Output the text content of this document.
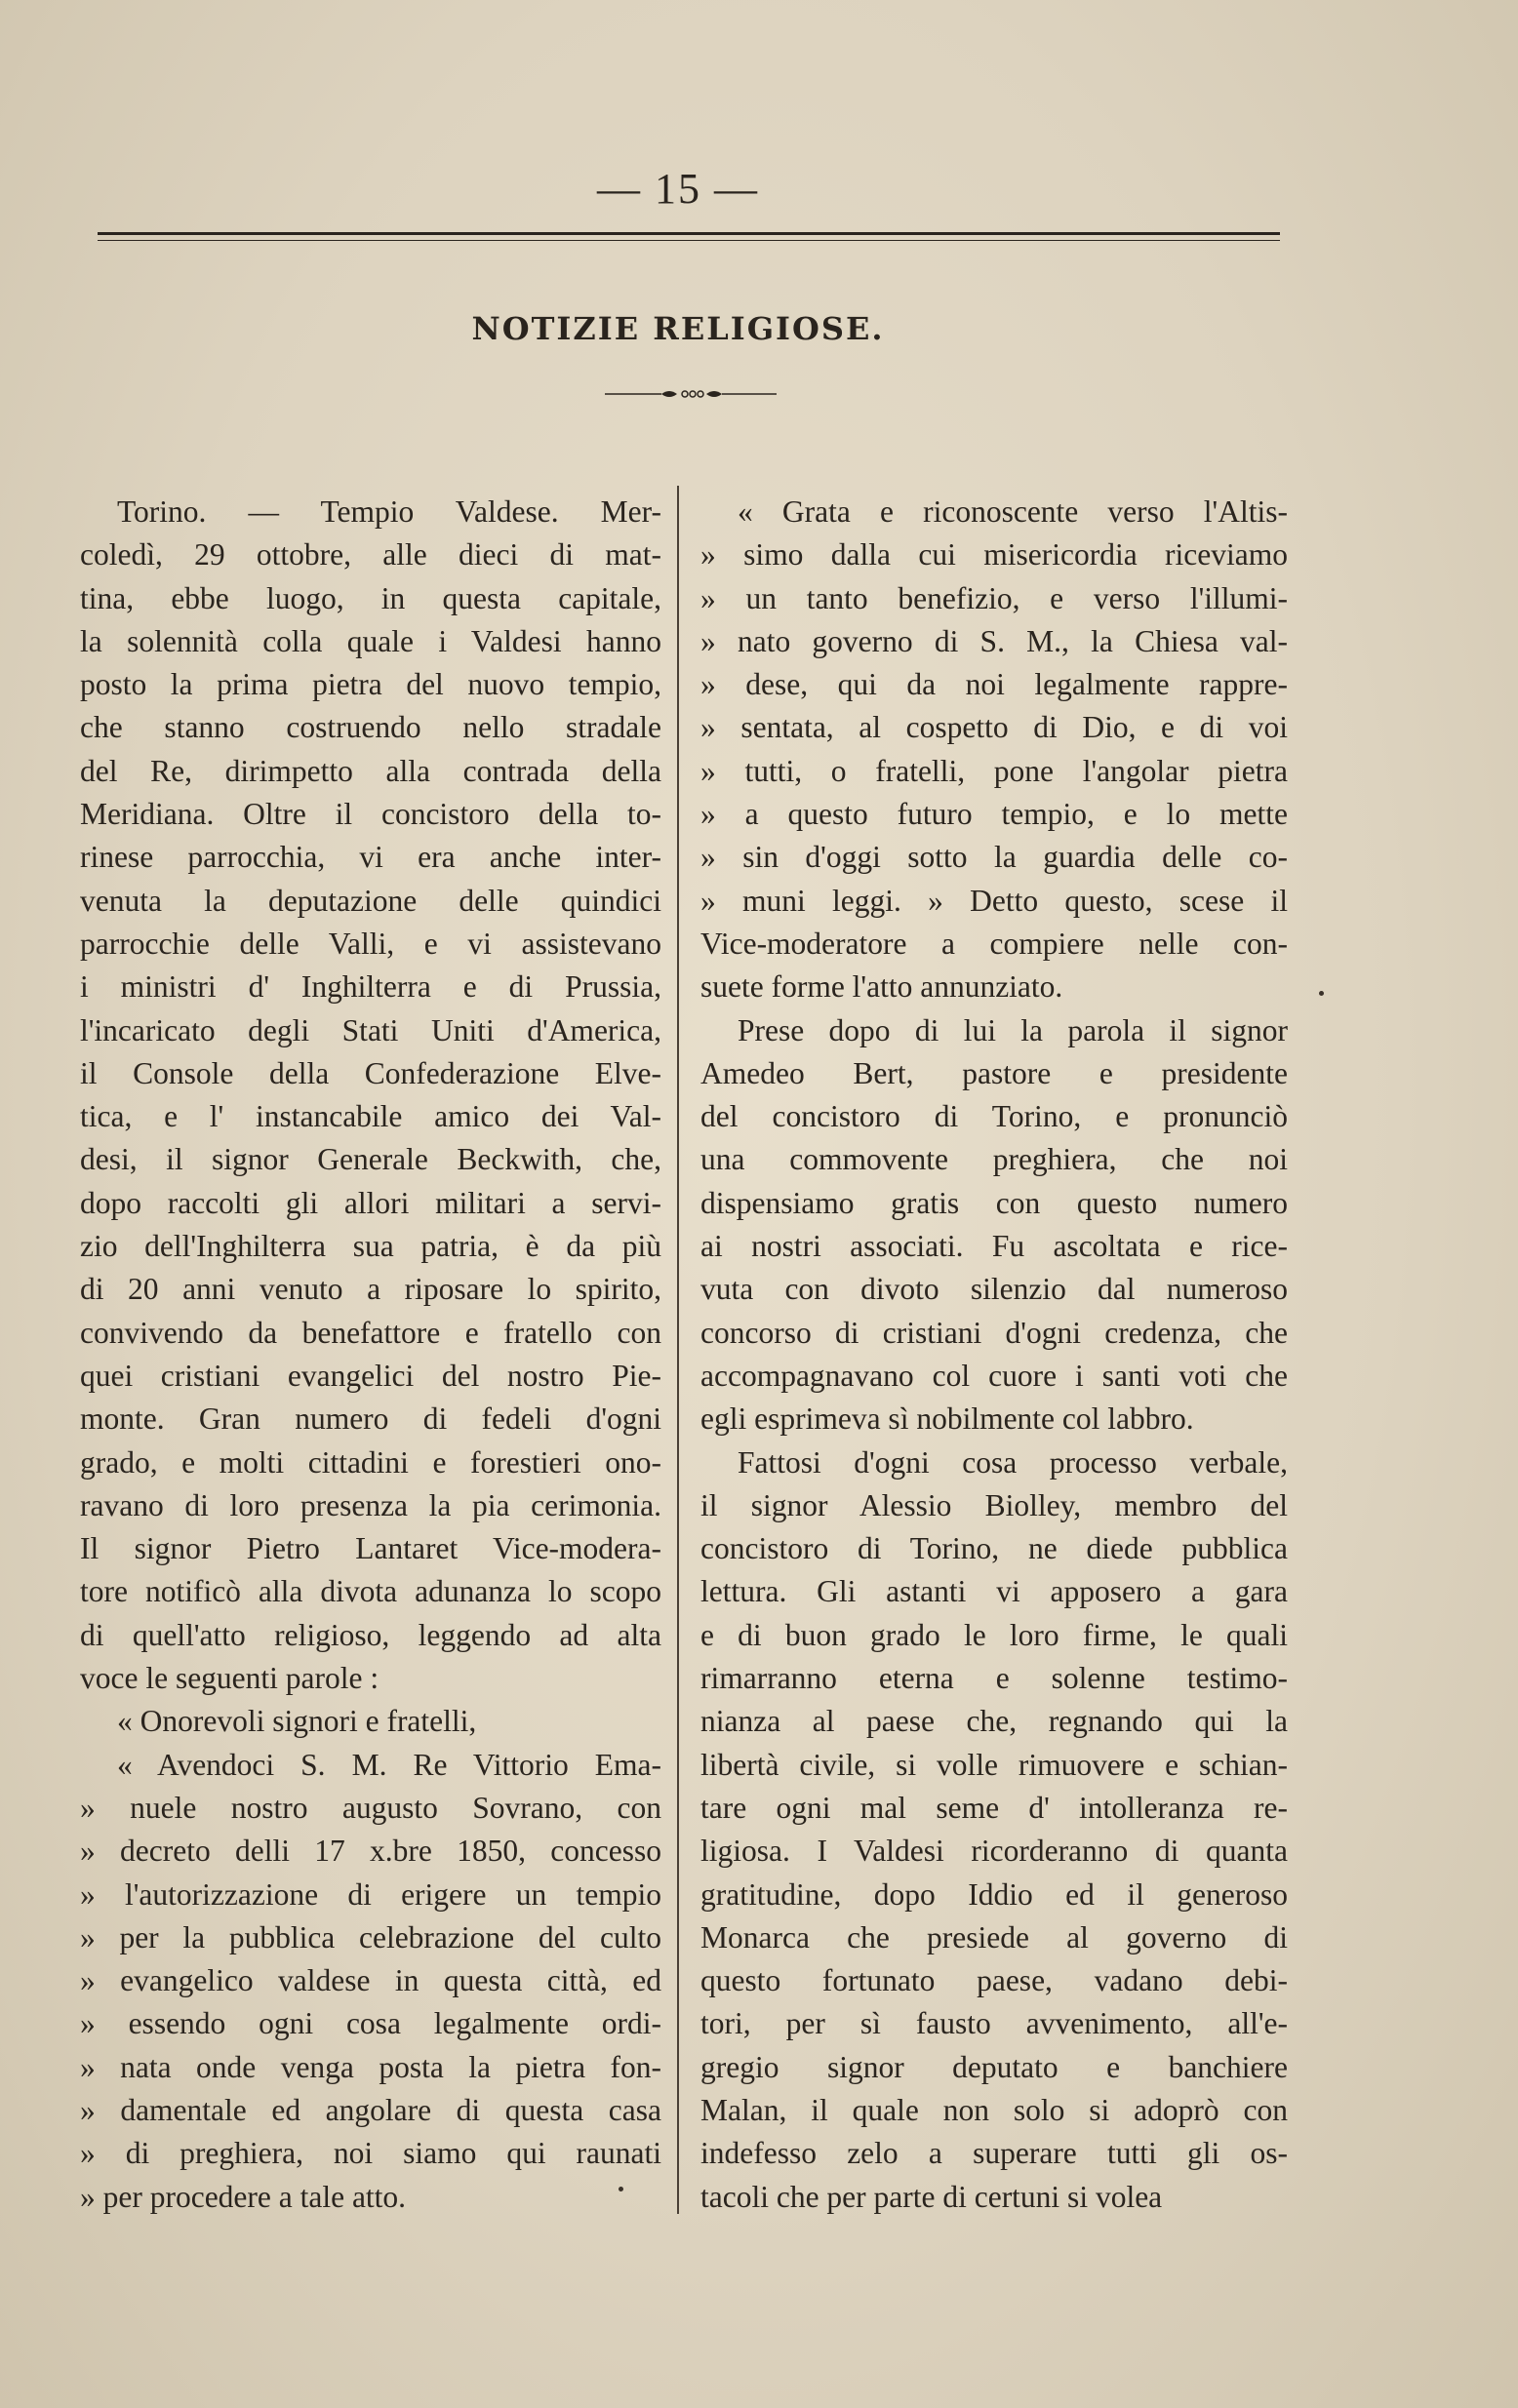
— 15 —
NOTIZIE RELIGIOSE.
Torino. — Tempio Valdese. Mer-
coledì, 29 ottobre, alle dieci di mat-
tina, ebbe luogo, in questa capitale,
la solennità colla quale i Valdesi hanno
posto la prima pietra del nuovo tempio,
che stanno costruendo nello stradale
del Re, dirimpetto alla contrada della
Meridiana. Oltre il concistoro della to-
rinese parrocchia, vi era anche inter-
venuta la deputazione delle quindici
parrocchie delle Valli, e vi assistevano
i ministri d' Inghilterra e di Prussia,
l'incaricato degli Stati Uniti d'America,
il Console della Confederazione Elve-
tica, e l' instancabile amico dei Val-
desi, il signor Generale Beckwith, che,
dopo raccolti gli allori militari a servi-
zio dell'Inghilterra sua patria, è da più
di 20 anni venuto a riposare lo spirito,
convivendo da benefattore e fratello con
quei cristiani evangelici del nostro Pie-
monte. Gran numero di fedeli d'ogni
grado, e molti cittadini e forestieri ono-
ravano di loro presenza la pia cerimonia.
Il signor Pietro Lantaret Vice-modera-
tore notificò alla divota adunanza lo scopo
di quell'atto religioso, leggendo ad alta
voce le seguenti parole :
« Onorevoli signori e fratelli,
« Avendoci S. M. Re Vittorio Ema-
» nuele nostro augusto Sovrano, con
» decreto delli 17 x.bre 1850, concesso
» l'autorizzazione di erigere un tempio
» per la pubblica celebrazione del culto
» evangelico valdese in questa città, ed
» essendo ogni cosa legalmente ordi-
» nata onde venga posta la pietra fon-
» damentale ed angolare di questa casa
» di preghiera, noi siamo qui raunati
» per procedere a tale atto.
« Grata e riconoscente verso l'Altis-
» simo dalla cui misericordia riceviamo
» un tanto benefizio, e verso l'illumi-
» nato governo di S. M., la Chiesa val-
» dese, qui da noi legalmente rappre-
» sentata, al cospetto di Dio, e di voi
» tutti, o fratelli, pone l'angolar pietra
» a questo futuro tempio, e lo mette
» sin d'oggi sotto la guardia delle co-
» muni leggi. » Detto questo, scese il
Vice-moderatore a compiere nelle con-
suete forme l'atto annunziato.
Prese dopo di lui la parola il signor
Amedeo Bert, pastore e presidente
del concistoro di Torino, e pronunciò
una commovente preghiera, che noi
dispensiamo gratis con questo numero
ai nostri associati. Fu ascoltata e rice-
vuta con divoto silenzio dal numeroso
concorso di cristiani d'ogni credenza, che
accompagnavano col cuore i santi voti che
egli esprimeva sì nobilmente col labbro.
Fattosi d'ogni cosa processo verbale,
il signor Alessio Biolley, membro del
concistoro di Torino, ne diede pubblica
lettura. Gli astanti vi apposero a gara
e di buon grado le loro firme, le quali
rimarranno eterna e solenne testimo-
nianza al paese che, regnando qui la
libertà civile, si volle rimuovere e schian-
tare ogni mal seme d' intolleranza re-
ligiosa. I Valdesi ricorderanno di quanta
gratitudine, dopo Iddio ed il generoso
Monarca che presiede al governo di
questo fortunato paese, vadano debi-
tori, per sì fausto avvenimento, all'e-
gregio signor deputato e banchiere
Malan, il quale non solo si adoprò con
indefesso zelo a superare tutti gli os-
tacoli che per parte di certuni si volea
